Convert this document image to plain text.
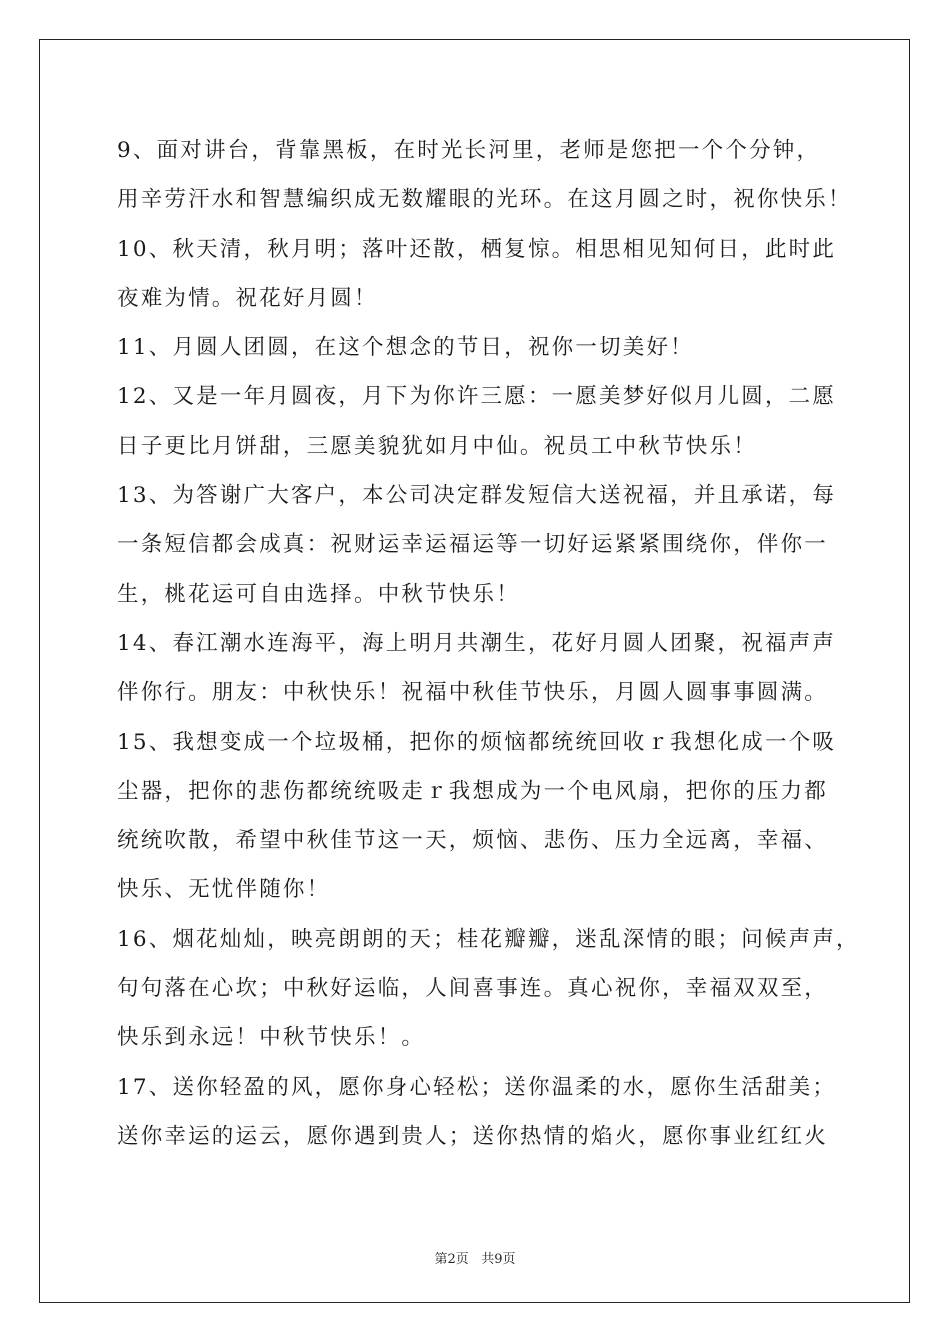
9、面对讲台，背靠黑板，在时光长河里，老师是您把一个个分钟，
用辛劳汗水和智慧编织成无数耀眼的光环。在这月圆之时，祝你快乐！
10、秋天清，秋月明；落叶还散，栖复惊。相思相见知何日，此时此
夜难为情。祝花好月圆！
11、月圆人团圆，在这个想念的节日，祝你一切美好！
12、又是一年月圆夜，月下为你许三愿：一愿美梦好似月儿圆，二愿
日子更比月饼甜，三愿美貌犹如月中仙。祝员工中秋节快乐！
13、为答谢广大客户，本公司决定群发短信大送祝福，并且承诺，每
一条短信都会成真：祝财运幸运福运等一切好运紧紧围绕你，伴你一
生，桃花运可自由选择。中秋节快乐！
14、春江潮水连海平，海上明月共潮生，花好月圆人团聚，祝福声声
伴你行。朋友：中秋快乐！祝福中秋佳节快乐，月圆人圆事事圆满。
15、我想变成一个垃圾桶，把你的烦恼都统统回收ｒ我想化成一个吸
尘器，把你的悲伤都统统吸走ｒ我想成为一个电风扇，把你的压力都
统统吹散，希望中秋佳节这一天，烦恼、悲伤、压力全远离，幸福、
快乐、无忧伴随你！
16、烟花灿灿，映亮朗朗的天；桂花瓣瓣，迷乱深情的眼；问候声声，
句句落在心坎；中秋好运临，人间喜事连。真心祝你，幸福双双至，
快乐到永远！中秋节快乐！。
17、送你轻盈的风，愿你身心轻松；送你温柔的水，愿你生活甜美；
送你幸运的运云，愿你遇到贵人；送你热情的焰火，愿你事业红红火
第2页 共9页
